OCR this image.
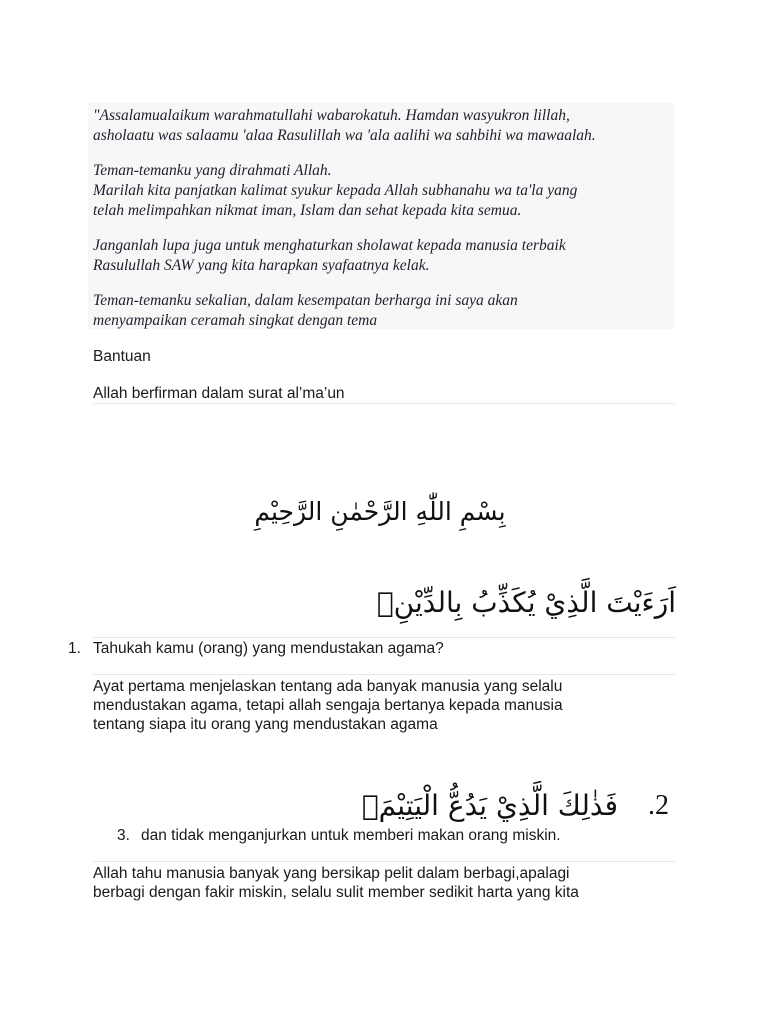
"Assalamualaikum warahmatullahi wabarokatuh. Hamdan wasyukron lillah,
asholaatu was salaamu 'alaa Rasulillah wa 'ala aalihi wa sahbihi wa mawaalah.

Teman-temanku yang dirahmati Allah.
Marilah kita panjatkan kalimat syukur kepada Allah subhanahu wa ta'la yang
telah melimpahkan nikmat iman, Islam dan sehat kepada kita semua.

Janganlah lupa juga untuk menghaturkan sholawat kepada manusia terbaik
Rasulullah SAW yang kita harapkan syafaatnya kelak.

Teman-temanku sekalian, dalam kesempatan berharga ini saya akan
menyampaikan ceramah singkat dengan tema

Bantuan
Allah berfirman dalam surat al’ma’un
بِسْمِ اللّٰهِ الرَّحْمٰنِ الرَّحِيْمِ
اَرَءَيْتَ الَّذِيْ يُكَذِّبُ بِالدِّيْنِۗ
1. Tahukah kamu (orang) yang mendustakan agama?
Ayat pertama menjelaskan tentang ada banyak manusia yang selalu
mendustakan agama, tetapi allah sengaja bertanya kepada manusia
tentang siapa itu orang yang mendustakan agama
فَذٰلِكَ الَّذِيْ يَدُعُّ الْيَتِيْمَۙ .2
3. dan tidak menganjurkan untuk memberi makan orang miskin.
Allah tahu manusia banyak yang bersikap pelit dalam berbagi,apalagi
berbagi dengan fakir miskin, selalu sulit member sedikit harta yang kita
